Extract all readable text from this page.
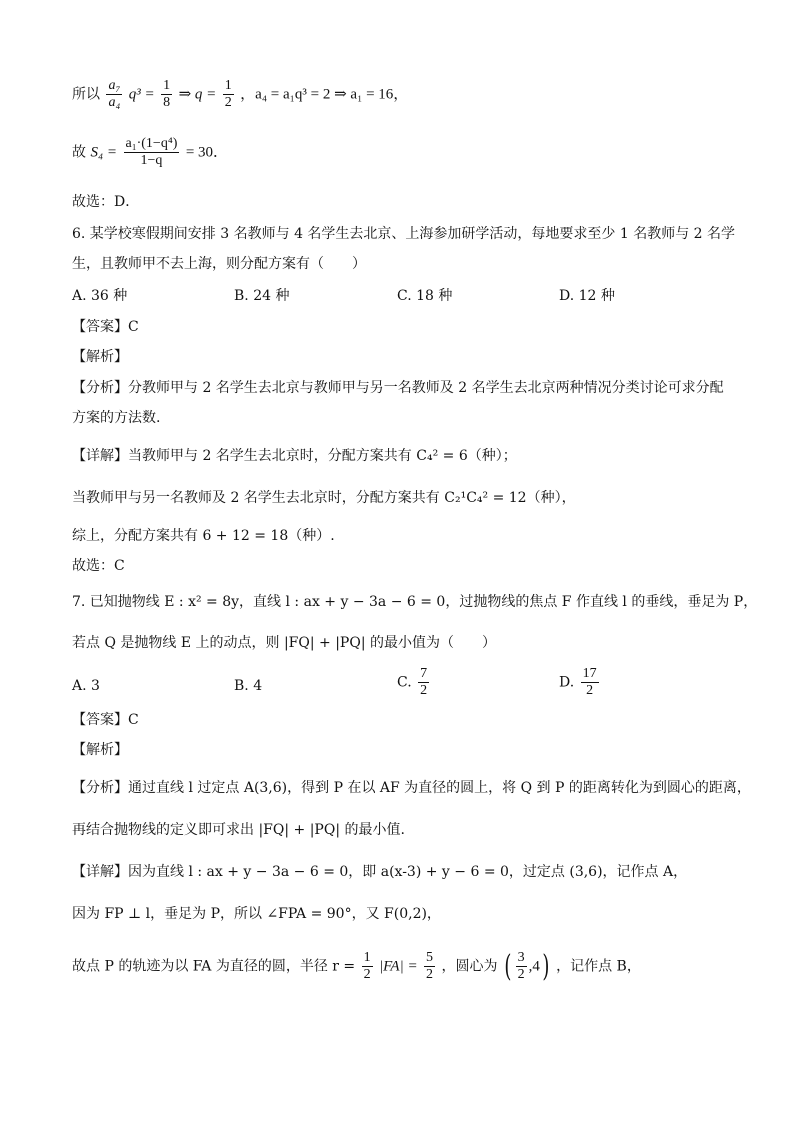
所以 $\frac{\text{a₇}}{\text{a₄}} q^3 = \frac{1}{8}$ ⇒ $q = \frac{1}{2}$ ，a₄ = a₁q³ = 2 ⇒ a₁ = 16，
故 $S_4 = \frac{\text{a₁·(1−q⁴)}}{1-q} = 30$．
故选：D．
6. 某学校寒假期间安排 3 名教师与 4 名学生去北京、上海参加研学活动，每地要求至少 1 名教师与 2 名学
生，且教师甲不去上海，则分配方案有（　　）
A. 36 种	B. 24 种	C. 18 种	D. 12 种
【答案】C
【解析】
【分析】分教师甲与 2 名学生去北京与教师甲与另一名教师及 2 名学生去北京两种情况分类讨论可求分配
方案的方法数.
【详解】当教师甲与 2 名学生去北京时，分配方案共有 C₄² = 6（种）；
当教师甲与另一名教师及 2 名学生去北京时，分配方案共有 C₂¹C₄² = 12（种），
综上，分配方案共有 6 + 12 = 18（种）.
故选：C
7. 已知抛物线 E : x² = 8y，直线 l : ax + y − 3a − 6 = 0，过抛物线的焦点 F 作直线 l 的垂线，垂足为 P，
若点 Q 是抛物线 E 上的动点，则 |FQ| + |PQ| 的最小值为（　　）
A. 3	B. 4	C. $\frac{7}{2}$	D. $\frac{17}{2}$
【答案】C
【解析】
【分析】通过直线 l 过定点 A(3,6)，得到 P 在以 AF 为直径的圆上，将 Q 到 P 的距离转化为到圆心的距离，
再结合抛物线的定义即可求出 |FQ| + |PQ| 的最小值.
【详解】因为直线 l : ax + y − 3a − 6 = 0，即 a(x-3) + y − 6 = 0，过定点 (3,6)，记作点 A，
因为 FP ⊥ l，垂足为 P，所以 ∠FPA = 90°，又 F(0,2)，
故点 P 的轨迹为以 FA 为直径的圆，半径 $r = \frac{1}{2} |FA| = \frac{5}{2}$ ，圆心为 ( $\frac{3}{2} ,4$) ，记作点 B，
